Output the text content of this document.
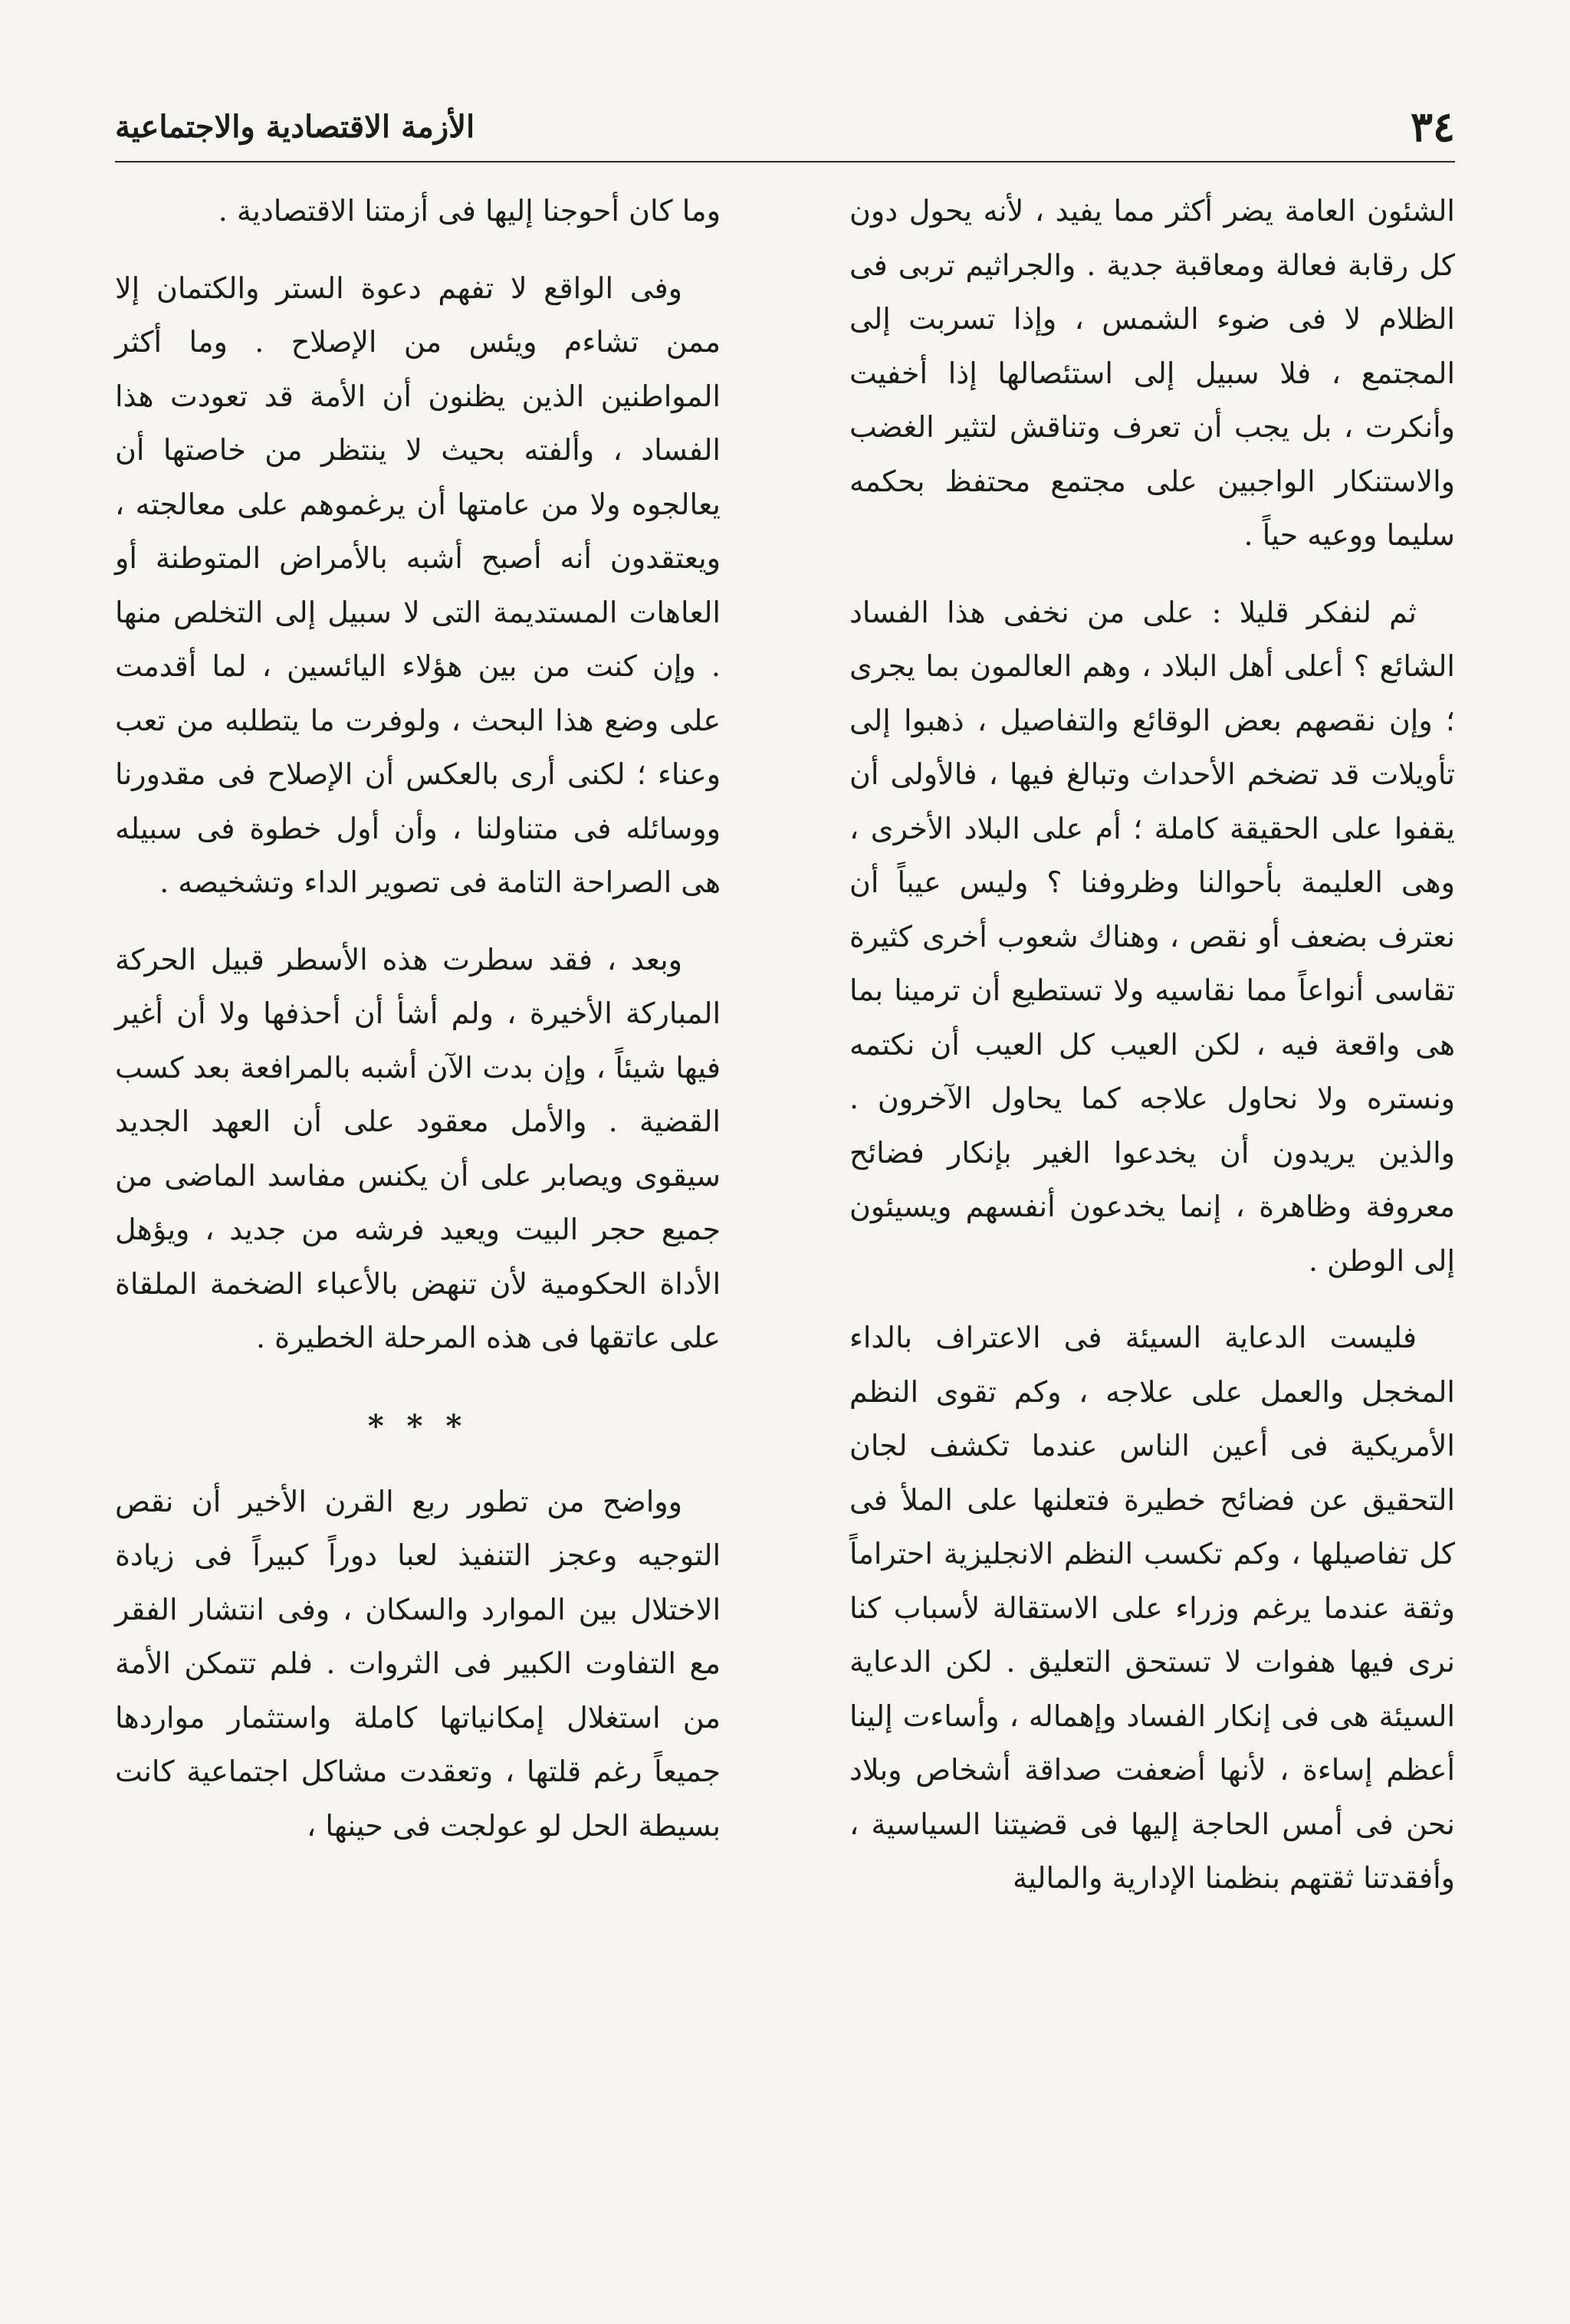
٣٤
الأزمة الاقتصادية والاجتماعية

الشئون العامة يضر أكثر مما يفيد ، لأنه يحول دون كل رقابة فعالة ومعاقبة جدية . والجراثيم تربى فى الظلام لا فى ضوء الشمس ، وإذا تسربت إلى المجتمع ، فلا سبيل إلى استئصالها إذا أخفيت وأنكرت ، بل يجب أن تعرف وتناقش لتثير الغضب والاستنكار الواجبين على مجتمع محتفظ بحكمه سليما ووعيه حياً .

ثم لنفكر قليلا : على من نخفى هذا الفساد الشائع ؟ أعلى أهل البلاد ، وهم العالمون بما يجرى ؛ وإن نقصهم بعض الوقائع والتفاصيل ، ذهبوا إلى تأويلات قد تضخم الأحداث وتبالغ فيها ، فالأولى أن يقفوا على الحقيقة كاملة ؛ أم على البلاد الأخرى ، وهى العليمة بأحوالنا وظروفنا ؟ وليس عيباً أن نعترف بضعف أو نقص ، وهناك شعوب أخرى كثيرة تقاسى أنواعاً مما نقاسيه ولا تستطيع أن ترمينا بما هى واقعة فيه ، لكن العيب كل العيب أن نكتمه ونستره ولا نحاول علاجه كما يحاول الآخرون . والذين يريدون أن يخدعوا الغير بإنكار فضائح معروفة وظاهرة ، إنما يخدعون أنفسهم ويسيئون إلى الوطن .

فليست الدعاية السيئة فى الاعتراف بالداء المخجل والعمل على علاجه ، وكم تقوى النظم الأمريكية فى أعين الناس عندما تكشف لجان التحقيق عن فضائح خطيرة فتعلنها على الملأ فى كل تفاصيلها ، وكم تكسب النظم الانجليزية احتراماً وثقة عندما يرغم وزراء على الاستقالة لأسباب كنا نرى فيها هفوات لا تستحق التعليق . لكن الدعاية السيئة هى فى إنكار الفساد وإهماله ، وأساءت إلينا أعظم إساءة ، لأنها أضعفت صداقة أشخاص وبلاد نحن فى أمس الحاجة إليها فى قضيتنا السياسية ، وأفقدتنا ثقتهم بنظمنا الإدارية والمالية

وما كان أحوجنا إليها فى أزمتنا الاقتصادية .

وفى الواقع لا تفهم دعوة الستر والكتمان إلا ممن تشاءم ويئس من الإصلاح . وما أكثر المواطنين الذين يظنون أن الأمة قد تعودت هذا الفساد ، وألفته بحيث لا ينتظر من خاصتها أن يعالجوه ولا من عامتها أن يرغموهم على معالجته ، ويعتقدون أنه أصبح أشبه بالأمراض المتوطنة أو العاهات المستديمة التى لا سبيل إلى التخلص منها . وإن كنت من بين هؤلاء اليائسين ، لما أقدمت على وضع هذا البحث ، ولوفرت ما يتطلبه من تعب وعناء ؛ لكنى أرى بالعكس أن الإصلاح فى مقدورنا ووسائله فى متناولنا ، وأن أول خطوة فى سبيله هى الصراحة التامة فى تصوير الداء وتشخيصه .

وبعد ، فقد سطرت هذه الأسطر قبيل الحركة المباركة الأخيرة ، ولم أشأ أن أحذفها ولا أن أغير فيها شيئاً ، وإن بدت الآن أشبه بالمرافعة بعد كسب القضية . والأمل معقود على أن العهد الجديد سيقوى ويصابر على أن يكنس مفاسد الماضى من جميع حجر البيت ويعيد فرشه من جديد ، ويؤهل الأداة الحكومية لأن تنهض بالأعباء الضخمة الملقاة على عاتقها فى هذه المرحلة الخطيرة .

* * *

وواضح من تطور ربع القرن الأخير أن نقص التوجيه وعجز التنفيذ لعبا دوراً كبيراً فى زيادة الاختلال بين الموارد والسكان ، وفى انتشار الفقر مع التفاوت الكبير فى الثروات . فلم تتمكن الأمة من استغلال إمكانياتها كاملة واستثمار مواردها جميعاً رغم قلتها ، وتعقدت مشاكل اجتماعية كانت بسيطة الحل لو عولجت فى حينها ،
